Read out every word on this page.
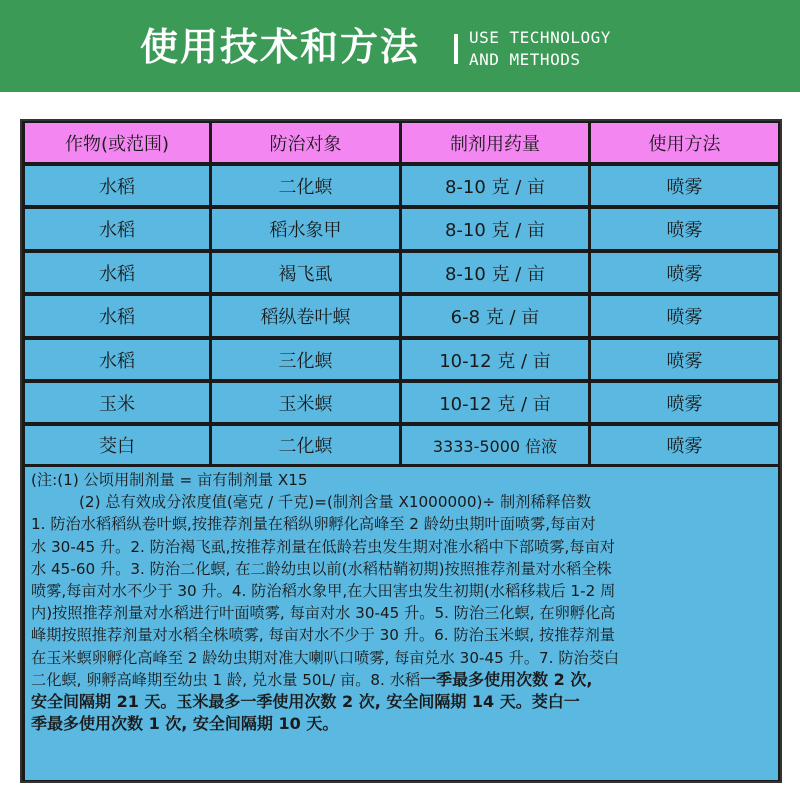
使用技术和方法	USE TECHNOLOGY
AND METHODS
作物(或范围)	防治对象	制剂用药量	使用方法
水稻	二化螟	8-10 克 / 亩	喷雾
水稻	稻水象甲	8-10 克 / 亩	喷雾
水稻	褐飞虱	8-10 克 / 亩	喷雾
水稻	稻纵卷叶螟	6-8 克 / 亩	喷雾
水稻	三化螟	10-12 克 / 亩	喷雾
玉米	玉米螟	10-12 克 / 亩	喷雾
茭白	二化螟	3333-5000 倍液	喷雾
(注:(1) 公顷用制剂量 = 亩有制剂量 X15
(2) 总有效成分浓度值(毫克 / 千克)=(制剂含量 X1000000)÷ 制剂稀释倍数
1. 防治水稻稻纵卷叶螟,按推荐剂量在稻纵卵孵化高峰至 2 龄幼虫期叶面喷雾,每亩对
水 30-45 升。2. 防治褐飞虱,按推荐剂量在低龄若虫发生期对准水稻中下部喷雾,每亩对
水 45-60 升。3. 防治二化螟, 在二龄幼虫以前(水稻枯鞘初期)按照推荐剂量对水稻全株
喷雾,每亩对水不少于 30 升。4. 防治稻水象甲,在大田害虫发生初期(水稻移栽后 1-2 周
内)按照推荐剂量对水稻进行叶面喷雾, 每亩对水 30-45 升。5. 防治三化螟, 在卵孵化高
峰期按照推荐剂量对水稻全株喷雾, 每亩对水不少于 30 升。6. 防治玉米螟, 按推荐剂量
在玉米螟卵孵化高峰至 2 龄幼虫期对准大喇叭口喷雾, 每亩兑水 30-45 升。7. 防治茭白
二化螟, 卵孵高峰期至幼虫 1 龄, 兑水量 50L/ 亩。8. 水稻一季最多使用次数 2 次,
安全间隔期 21 天。玉米最多一季使用次数 2 次, 安全间隔期 14 天。茭白一
季最多使用次数 1 次, 安全间隔期 10 天。
